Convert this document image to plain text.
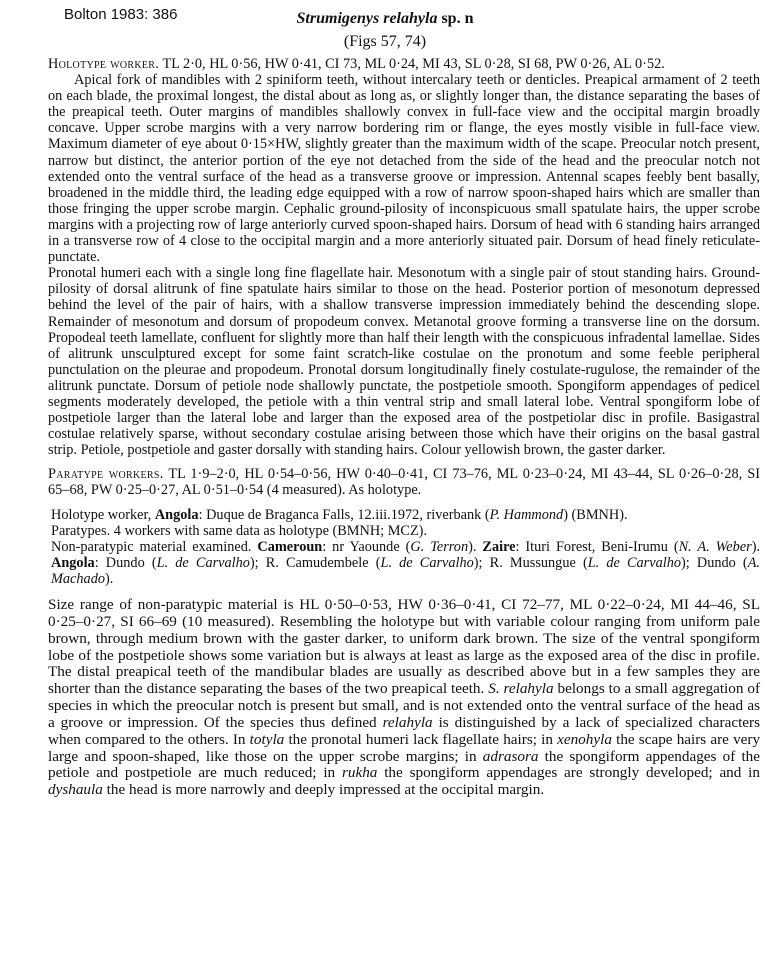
Bolton 1983: 386	Strumigenys relahyla sp. n
(Figs 57, 74)

Holotype worker. TL 2·0, HL 0·56, HW 0·41, CI 73, ML 0·24, MI 43, SL 0·28, SI 68, PW 0·26, AL 0·52.

Apical fork of mandibles with 2 spiniform teeth, without intercalary teeth or denticles. Preapical armament of 2 teeth on each blade, the proximal longest, the distal about as long as, or slightly longer than, the distance separating the bases of the preapical teeth. Outer margins of mandibles shallowly convex in full-face view and the occipital margin broadly concave. Upper scrobe margins with a very narrow bordering rim or flange, the eyes mostly visible in full-face view. Maximum diameter of eye about 0·15×HW, slightly greater than the maximum width of the scape. Preocular notch present, narrow but distinct, the anterior portion of the eye not detached from the side of the head and the preocular notch not extended onto the ventral surface of the head as a transverse groove or impression. Antennal scapes feebly bent basally, broadened in the middle third, the leading edge equipped with a row of narrow spoon-shaped hairs which are smaller than those fringing the upper scrobe margin. Cephalic ground-pilosity of inconspicuous small spatulate hairs, the upper scrobe margins with a projecting row of large anteriorly curved spoon-shaped hairs. Dorsum of head with 6 standing hairs arranged in a transverse row of 4 close to the occipital margin and a more anteriorly situated pair. Dorsum of head finely reticulate-punctate.

Pronotal humeri each with a single long fine flagellate hair. Mesonotum with a single pair of stout standing hairs. Ground-pilosity of dorsal alitrunk of fine spatulate hairs similar to those on the head. Posterior portion of mesonotum depressed behind the level of the pair of hairs, with a shallow transverse impression immediately behind the descending slope. Remainder of mesonotum and dorsum of propodeum convex. Metanotal groove forming a transverse line on the dorsum. Propodeal teeth lamellate, confluent for slightly more than half their length with the conspicuous infradental lamellae. Sides of alitrunk unsculptured except for some faint scratch-like costulae on the pronotum and some feeble peripheral punctulation on the pleurae and propodeum. Pronotal dorsum longitudinally finely costulate-rugulose, the remainder of the alitrunk punctate. Dorsum of petiole node shallowly punctate, the postpetiole smooth. Spongiform appendages of pedicel segments moderately developed, the petiole with a thin ventral strip and small lateral lobe. Ventral spongiform lobe of postpetiole larger than the lateral lobe and larger than the exposed area of the postpetiolar disc in profile. Basigastral costulae relatively sparse, without secondary costulae arising between those which have their origins on the basal gastral strip. Petiole, postpetiole and gaster dorsally with standing hairs. Colour yellowish brown, the gaster darker.

Paratype workers. TL 1·9–2·0, HL 0·54–0·56, HW 0·40–0·41, CI 73–76, ML 0·23–0·24, MI 43–44, SL 0·26–0·28, SI 65–68, PW 0·25–0·27, AL 0·51–0·54 (4 measured). As holotype.

Holotype worker, Angola: Duque de Braganca Falls, 12.iii.1972, riverbank (P. Hammond) (BMNH).

Paratypes. 4 workers with same data as holotype (BMNH; MCZ).

Non-paratypic material examined. Cameroun: nr Yaounde (G. Terron). Zaire: Ituri Forest, Beni-Irumu (N. A. Weber). Angola: Dundo (L. de Carvalho); R. Camudembele (L. de Carvalho); R. Mussungue (L. de Carvalho); Dundo (A. Machado).

Size range of non-paratypic material is HL 0·50–0·53, HW 0·36–0·41, CI 72–77, ML 0·22–0·24, MI 44–46, SL 0·25–0·27, SI 66–69 (10 measured). Resembling the holotype but with variable colour ranging from uniform pale brown, through medium brown with the gaster darker, to uniform dark brown. The size of the ventral spongiform lobe of the postpetiole shows some variation but is always at least as large as the exposed area of the disc in profile. The distal preapical teeth of the mandibular blades are usually as described above but in a few samples they are shorter than the distance separating the bases of the two preapical teeth. S. relahyla belongs to a small aggregation of species in which the preocular notch is present but small, and is not extended onto the ventral surface of the head as a groove or impression. Of the species thus defined relahyla is distinguished by a lack of specialized characters when compared to the others. In totyla the pronotal humeri lack flagellate hairs; in xenohyla the scape hairs are very large and spoon-shaped, like those on the upper scrobe margins; in adrasora the spongiform appendages of the petiole and postpetiole are much reduced; in rukha the spongiform appendages are strongly developed; and in dyshaula the head is more narrowly and deeply impressed at the occipital margin.
